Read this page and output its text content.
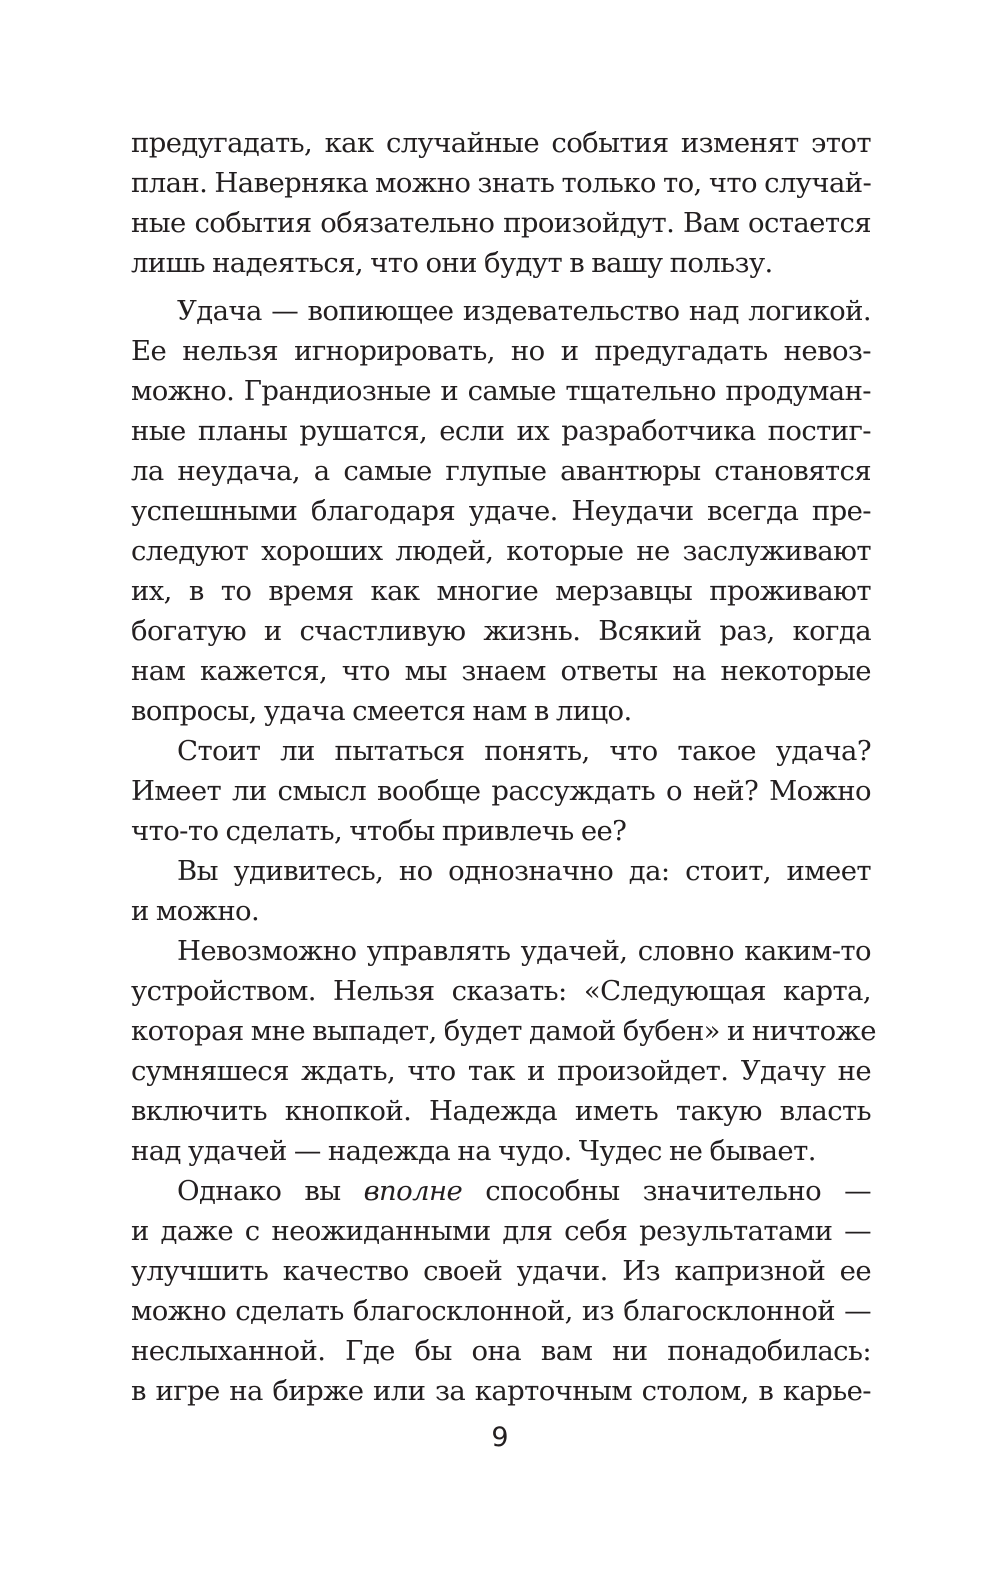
предугадать, как случайные события изменят этот
план. Наверняка можно знать только то, что случай-
ные события обязательно произойдут. Вам остается
лишь надеяться, что они будут в вашу пользу.
Удача — вопиющее издевательство над логикой.
Ее нельзя игнорировать, но и предугадать невоз-
можно. Грандиозные и самые тщательно продуман-
ные планы рушатся, если их разработчика постиг-
ла неудача, а самые глупые авантюры становятся
успешными благодаря удаче. Неудачи всегда пре-
следуют хороших людей, которые не заслуживают
их, в то время как многие мерзавцы проживают
богатую и счастливую жизнь. Всякий раз, когда
нам кажется, что мы знаем ответы на некоторые
вопросы, удача смеется нам в лицо.
Стоит ли пытаться понять, что такое удача?
Имеет ли смысл вообще рассуждать о ней? Можно
что-то сделать, чтобы привлечь ее?
Вы удивитесь, но однозначно да: стоит, имеет
и можно.
Невозможно управлять удачей, словно каким-то
устройством. Нельзя сказать: «Следующая карта,
которая мне выпадет, будет дамой бубен» и ничтоже
сумняшеся ждать, что так и произойдет. Удачу не
включить кнопкой. Надежда иметь такую власть
над удачей — надежда на чудо. Чудес не бывает.
Однако вы вполне способны значительно —
и даже с неожиданными для себя результатами —
улучшить качество своей удачи. Из капризной ее
можно сделать благосклонной, из благосклонной —
неслыханной. Где бы она вам ни понадобилась:
в игре на бирже или за карточным столом, в карье-
9
